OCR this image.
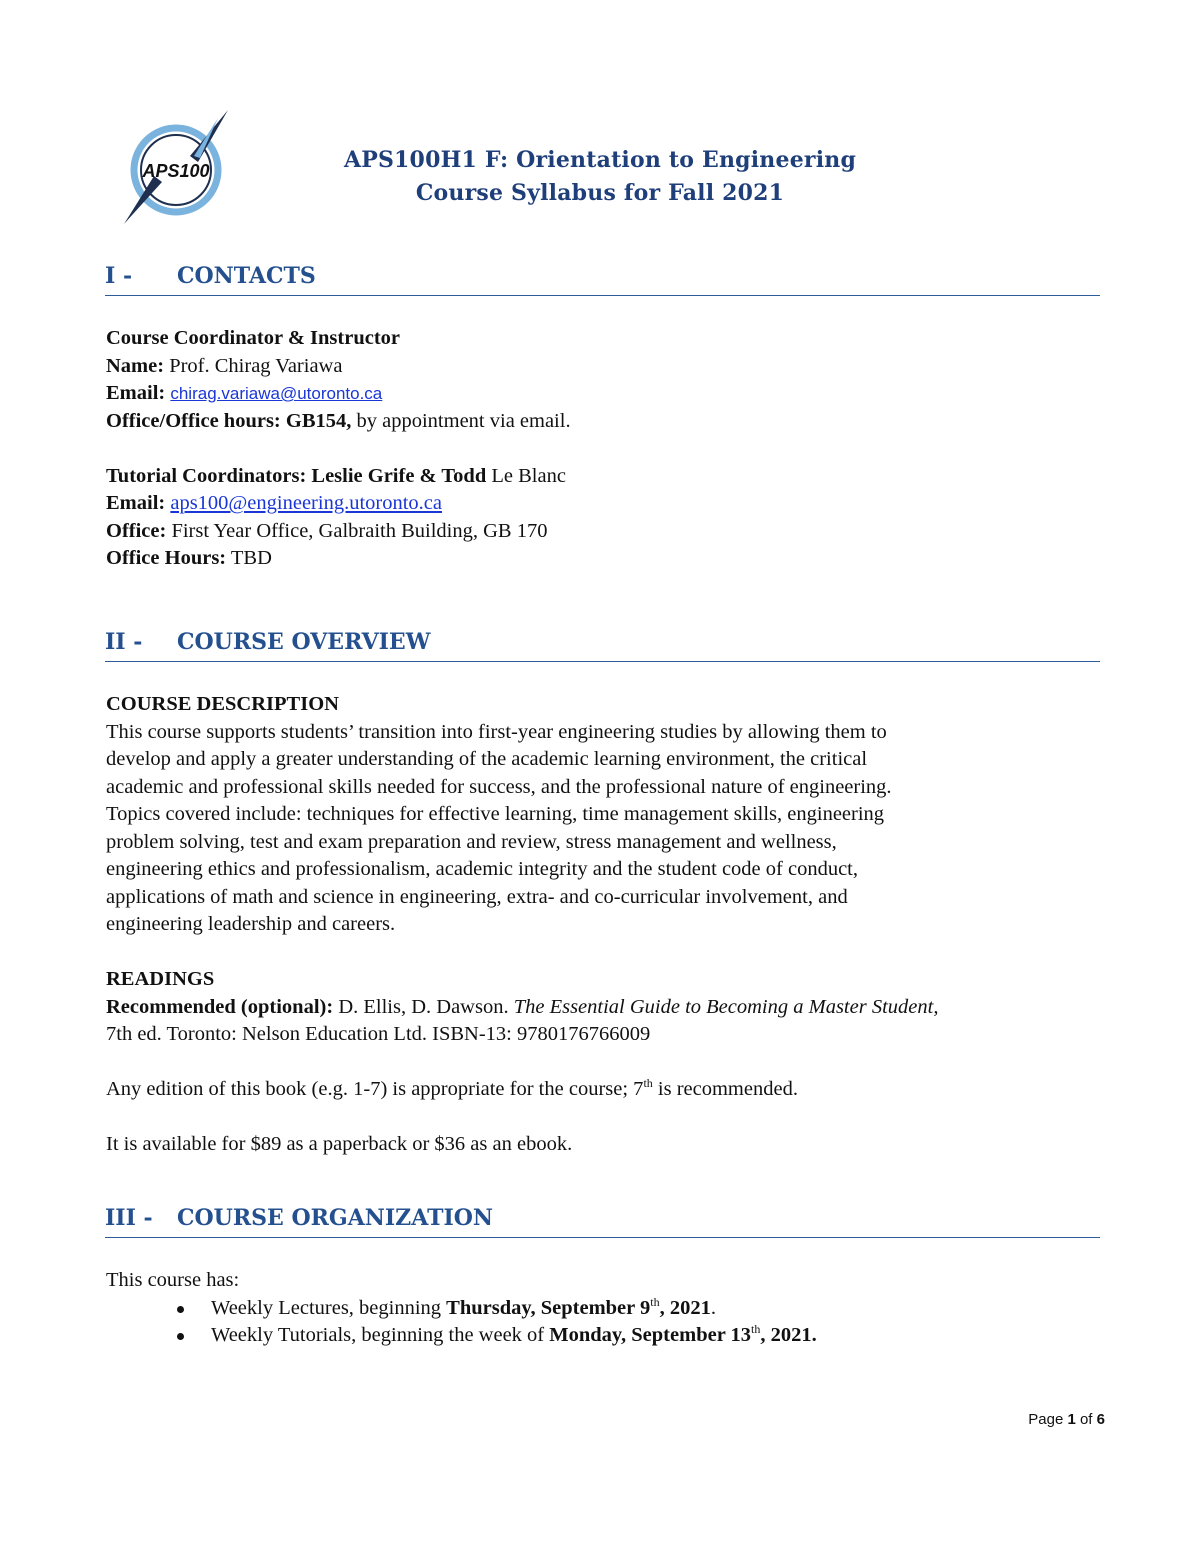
APS100	APS100H1 F: Orientation to Engineering
Course Syllabus for Fall 2021
I - CONTACTS
Course Coordinator & Instructor
Name: Prof. Chirag Variawa
Email: chirag.variawa@utoronto.ca
Office/Office hours: GB154, by appointment via email.

Tutorial Coordinators: Leslie Grife & Todd Le Blanc
Email: aps100@engineering.utoronto.ca
Office: First Year Office, Galbraith Building, GB 170
Office Hours: TBD
II - COURSE OVERVIEW
COURSE DESCRIPTION
This course supports students’ transition into first-year engineering studies by allowing them to
develop and apply a greater understanding of the academic learning environment, the critical
academic and professional skills needed for success, and the professional nature of engineering.
Topics covered include: techniques for effective learning, time management skills, engineering
problem solving, test and exam preparation and review, stress management and wellness,
engineering ethics and professionalism, academic integrity and the student code of conduct,
applications of math and science in engineering, extra- and co-curricular involvement, and
engineering leadership and careers.

READINGS
Recommended (optional): D. Ellis, D. Dawson. The Essential Guide to Becoming a Master Student,
7th ed. Toronto: Nelson Education Ltd. ISBN-13: 9780176766009

Any edition of this book (e.g. 1-7) is appropriate for the course; 7th is recommended.

It is available for $89 as a paperback or $36 as an ebook.
III - COURSE ORGANIZATION
This course has:
Weekly Lectures, beginning Thursday, September 9th, 2021.
Weekly Tutorials, beginning the week of Monday, September 13th, 2021.
Page 1 of 6
